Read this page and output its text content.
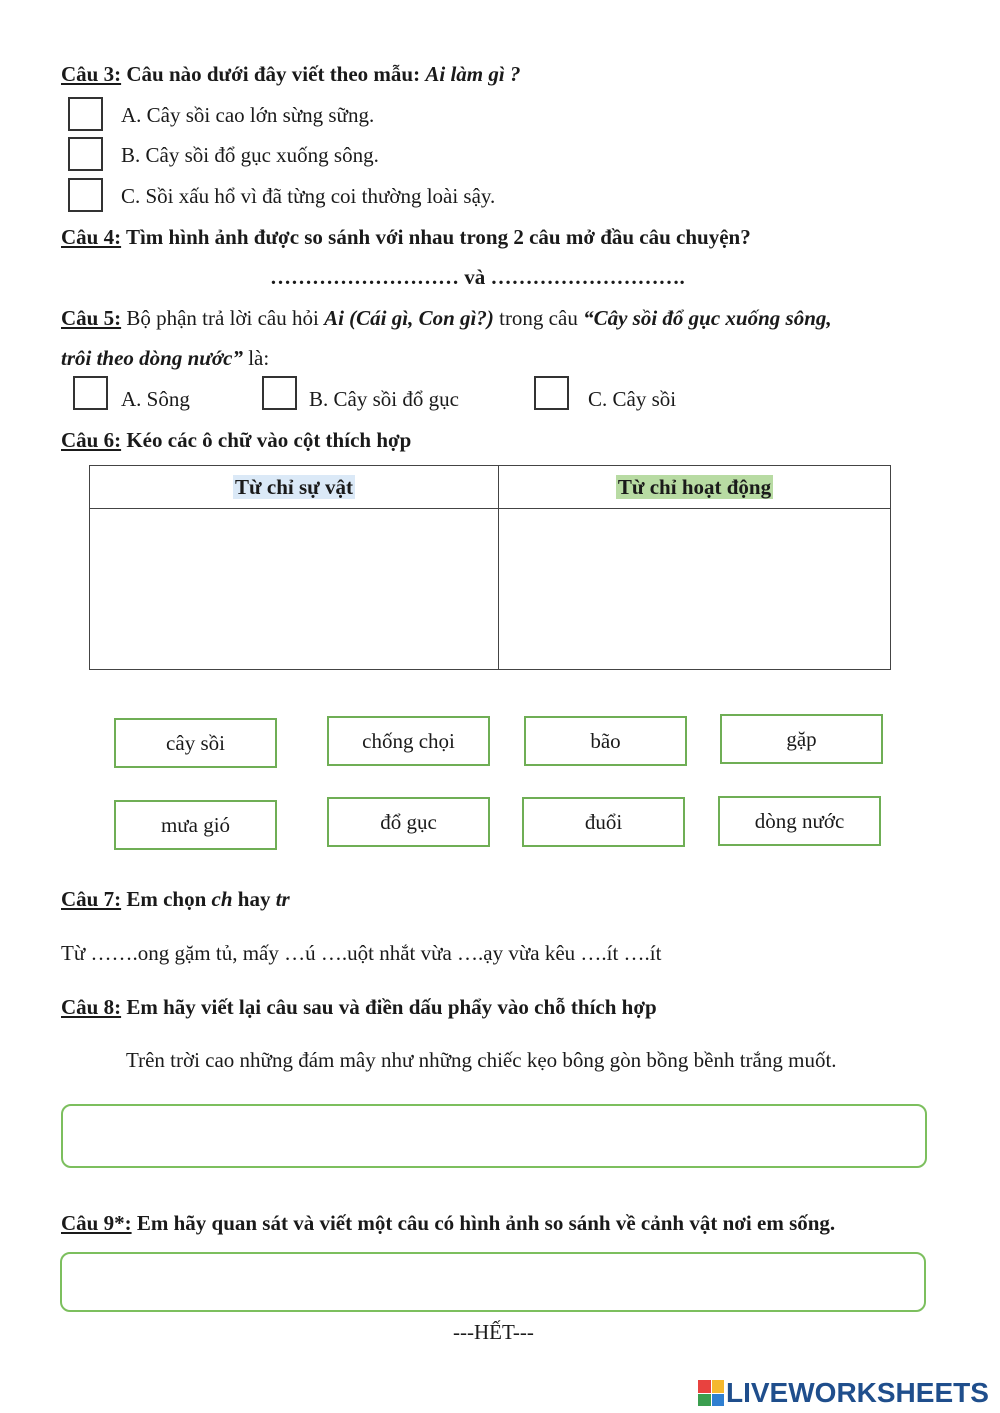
Câu 3: Câu nào dưới đây viết theo mẫu: Ai làm gì ?
A. Cây sồi cao lớn sừng sững.
B. Cây sồi đổ gục xuống sông.
C. Sồi xấu hổ vì đã từng coi thường loài sậy.
Câu 4: Tìm hình ảnh được so sánh với nhau trong 2 câu mở đầu câu chuyện?
……………………… và ……………………….
Câu 5: Bộ phận trả lời câu hỏi Ai (Cái gì, Con gì?) trong câu “Cây sồi đổ gục xuống sông,
trôi theo dòng nước” là:
A. Sông	B. Cây sồi đổ gục	C. Cây sồi
Câu 6: Kéo các ô chữ vào cột thích hợp
Từ chỉ sự vật	Từ chỉ hoạt động

cây sồi	chống chọi	bão	gặp
mưa gió	đổ gục	đuổi	dòng nước
Câu 7: Em chọn ch hay tr
Từ …….ong gặm tủ, mấy …ú ….uột nhắt vừa ….ạy vừa kêu ….ít ….ít
Câu 8: Em hãy viết lại câu sau và điền dấu phẩy vào chỗ thích hợp
Trên trời cao những đám mây như những chiếc kẹo bông gòn bồng bềnh trắng muốt.
Câu 9*: Em hãy quan sát và viết một câu có hình ảnh so sánh về cảnh vật nơi em sống.
---HẾT---
LIVEWORKSHEETS
